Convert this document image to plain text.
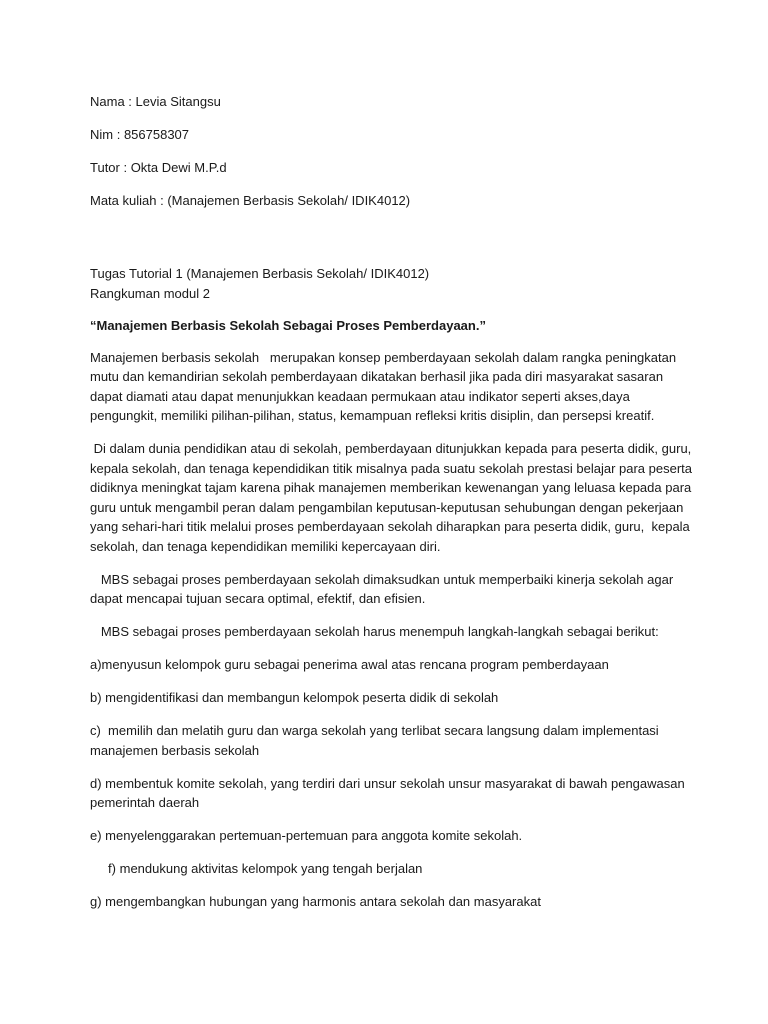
Nama : Levia Sitangsu
Nim : 856758307
Tutor : Okta Dewi M.P.d
Mata kuliah : (Manajemen Berbasis Sekolah/ IDIK4012)
Tugas Tutorial 1 (Manajemen Berbasis Sekolah/ IDIK4012)
Rangkuman modul 2
“Manajemen Berbasis Sekolah Sebagai Proses Pemberdayaan.”
Manajemen berbasis sekolah   merupakan konsep pemberdayaan sekolah dalam rangka peningkatan
mutu dan kemandirian sekolah pemberdayaan dikatakan berhasil jika pada diri masyarakat sasaran
dapat diamati atau dapat menunjukkan keadaan permukaan atau indikator seperti akses,daya
pengungkit, memiliki pilihan-pilihan, status, kemampuan refleksi kritis disiplin, dan persepsi kreatif.
Di dalam dunia pendidikan atau di sekolah, pemberdayaan ditunjukkan kepada para peserta didik, guru,
kepala sekolah, dan tenaga kependidikan titik misalnya pada suatu sekolah prestasi belajar para peserta
didiknya meningkat tajam karena pihak manajemen memberikan kewenangan yang leluasa kepada para
guru untuk mengambil peran dalam pengambilan keputusan-keputusan sehubungan dengan pekerjaan
yang sehari-hari titik melalui proses pemberdayaan sekolah diharapkan para peserta didik, guru,  kepala
sekolah, dan tenaga kependidikan memiliki kepercayaan diri.
MBS sebagai proses pemberdayaan sekolah dimaksudkan untuk memperbaiki kinerja sekolah agar
dapat mencapai tujuan secara optimal, efektif, dan efisien.
MBS sebagai proses pemberdayaan sekolah harus menempuh langkah-langkah sebagai berikut:
a)menyusun kelompok guru sebagai penerima awal atas rencana program pemberdayaan
b) mengidentifikasi dan membangun kelompok peserta didik di sekolah
c)  memilih dan melatih guru dan warga sekolah yang terlibat secara langsung dalam implementasi
manajemen berbasis sekolah
d) membentuk komite sekolah, yang terdiri dari unsur sekolah unsur masyarakat di bawah pengawasan
pemerintah daerah
e) menyelenggarakan pertemuan-pertemuan para anggota komite sekolah.
f) mendukung aktivitas kelompok yang tengah berjalan
g) mengembangkan hubungan yang harmonis antara sekolah dan masyarakat
